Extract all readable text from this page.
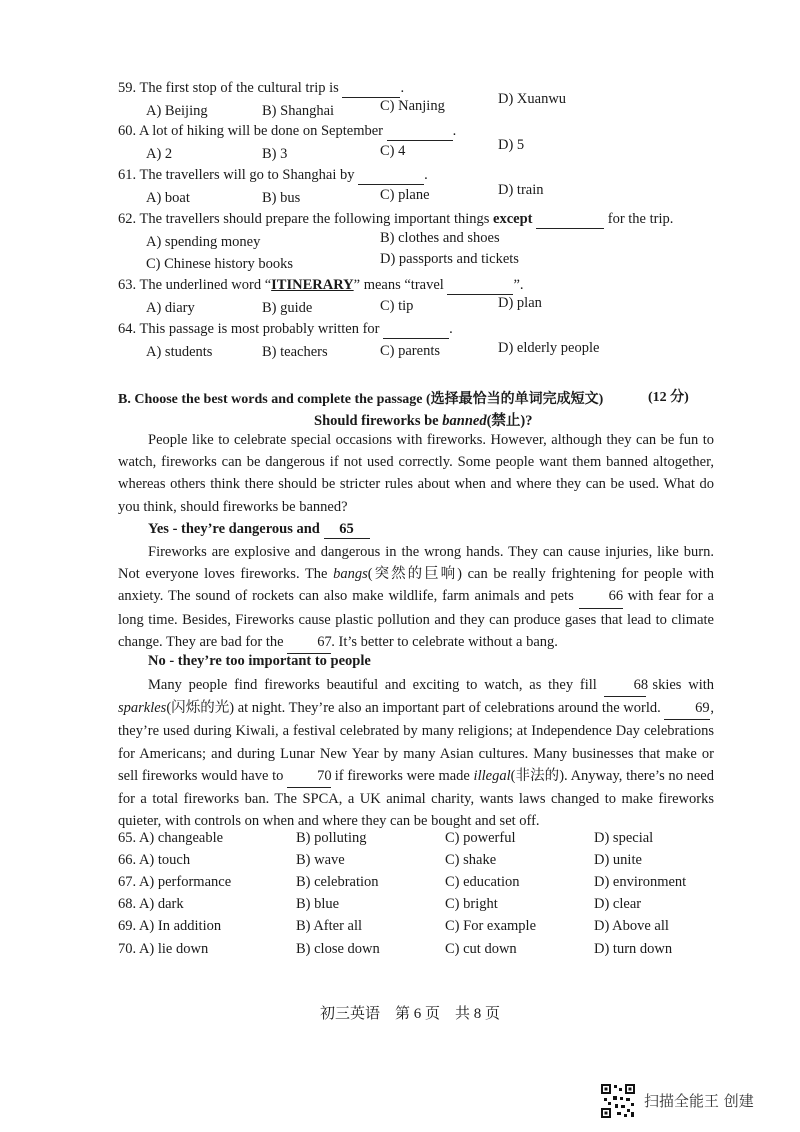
59. The first stop of the cultural trip is	.
A) Beijing	B) Shanghai	C) Nanjing	D) Xuanwu
60. A lot of hiking will be done on September	.
A) 2	B) 3	C) 4	D) 5
61. The travellers will go to Shanghai by	.
A) boat	B) bus	C) plane	D) train
62. The travellers should prepare the following important things except	for the trip.
A) spending money	B) clothes and shoes
C) Chinese history books	D) passports and tickets
63. The underlined word “ITINERARY” means “travel	”.
A) diary	B) guide	C) tip	D) plan
64. This passage is most probably written for	.
A) students	B) teachers	C) parents	D) elderly people
B. Choose the best words and complete the passage (选择最恰当的单词完成短文)	(12 分)
Should fireworks be banned(禁止)?
People like to celebrate special occasions with fireworks. However, although they can be fun to watch, fireworks can be dangerous if not used correctly. Some people want them banned altogether, whereas others think there should be stricter rules about when and where they can be used. What do you think, should fireworks be banned?
Yes - they’re dangerous and 65
Fireworks are explosive and dangerous in the wrong hands. They can cause injuries, like burn. Not everyone loves fireworks. The bangs(突然的巨响) can be really frightening for people with anxiety. The sound of rockets can also make wildlife, farm animals and pets 66 with fear for a long time. Besides, Fireworks cause plastic pollution and they can produce gases that lead to climate change. They are bad for the 67. It’s better to celebrate without a bang.
No - they’re too important to people
Many people find fireworks beautiful and exciting to watch, as they fill 68 skies with sparkles(闪烁的光) at night. They’re also an important part of celebrations around the world. 69, they’re used during Kiwali, a festival celebrated by many religions; at Independence Day celebrations for Americans; and during Lunar New Year by many Asian cultures. Many businesses that make or sell fireworks would have to 70 if fireworks were made illegal(非法的). Anyway, there’s no need for a total fireworks ban. The SPCA, a UK animal charity, wants laws changed to make fireworks quieter, with controls on when and where they can be bought and set off.
65. A) changeable	B) polluting	C) powerful	D) special
66. A) touch	B) wave	C) shake	D) unite
67. A) performance	B) celebration	C) education	D) environment
68. A) dark	B) blue	C) bright	D) clear
69. A) In addition	B) After all	C) For example	D) Above all
70. A) lie down	B) close down	C) cut down	D) turn down
初三英语　第 6 页　共 8 页
扫描全能王 创建
